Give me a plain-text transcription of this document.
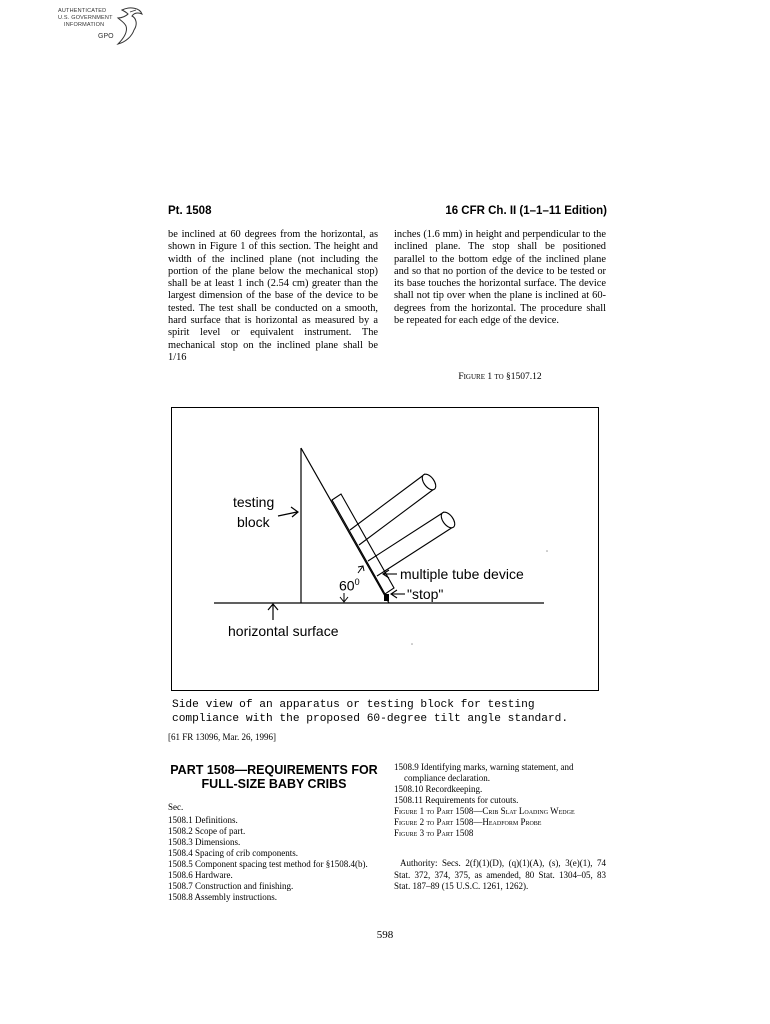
AUTHENTICATED
U.S. GOVERNMENT
INFORMATION
GPO
Pt. 1508	16 CFR Ch. II (1–1–11 Edition)
be inclined at 60 degrees from the horizontal, as shown in Figure 1 of this section. The height and width of the inclined plane (not including the portion of the plane below the mechanical stop) shall be at least 1 inch (2.54 cm) greater than the largest dimension of the base of the device to be tested. The test shall be conducted on a smooth, hard surface that is horizontal as measured by a spirit level or equivalent instrument. The mechanical stop on the inclined plane shall be 1/16
inches (1.6 mm) in height and perpendicular to the inclined plane. The stop shall be positioned parallel to the bottom edge of the inclined plane and so that no portion of the device to be tested or its base touches the horizontal surface. The device shall not tip over when the plane is inclined at 60-degrees from the horizontal. The procedure shall be repeated for each edge of the device.
Figure 1 to §1507.12
testing
block
$60^0$	multiple tube device
"stop"
horizontal surface
Side view of an apparatus or testing block for testing
compliance with the proposed 60-degree tilt angle standard.
[61 FR 13096, Mar. 26, 1996]
PART 1508—REQUIREMENTS FOR FULL-SIZE BABY CRIBS
Sec.
1508.1 Definitions.
1508.2 Scope of part.
1508.3 Dimensions.
1508.4 Spacing of crib components.
1508.5 Component spacing test method for §1508.4(b).
1508.6 Hardware.
1508.7 Construction and finishing.
1508.8 Assembly instructions.
1508.9 Identifying marks, warning statement, and compliance declaration.
1508.10 Recordkeeping.
1508.11 Requirements for cutouts.
Figure 1 to Part 1508—Crib Slat Loading Wedge
Figure 2 to Part 1508—Headform Probe
Figure 3 to Part 1508
Authority: Secs. 2(f)(1)(D), (q)(1)(A), (s), 3(e)(1), 74 Stat. 372, 374, 375, as amended, 80 Stat. 1304–05, 83 Stat. 187–89 (15 U.S.C. 1261, 1262).
598
